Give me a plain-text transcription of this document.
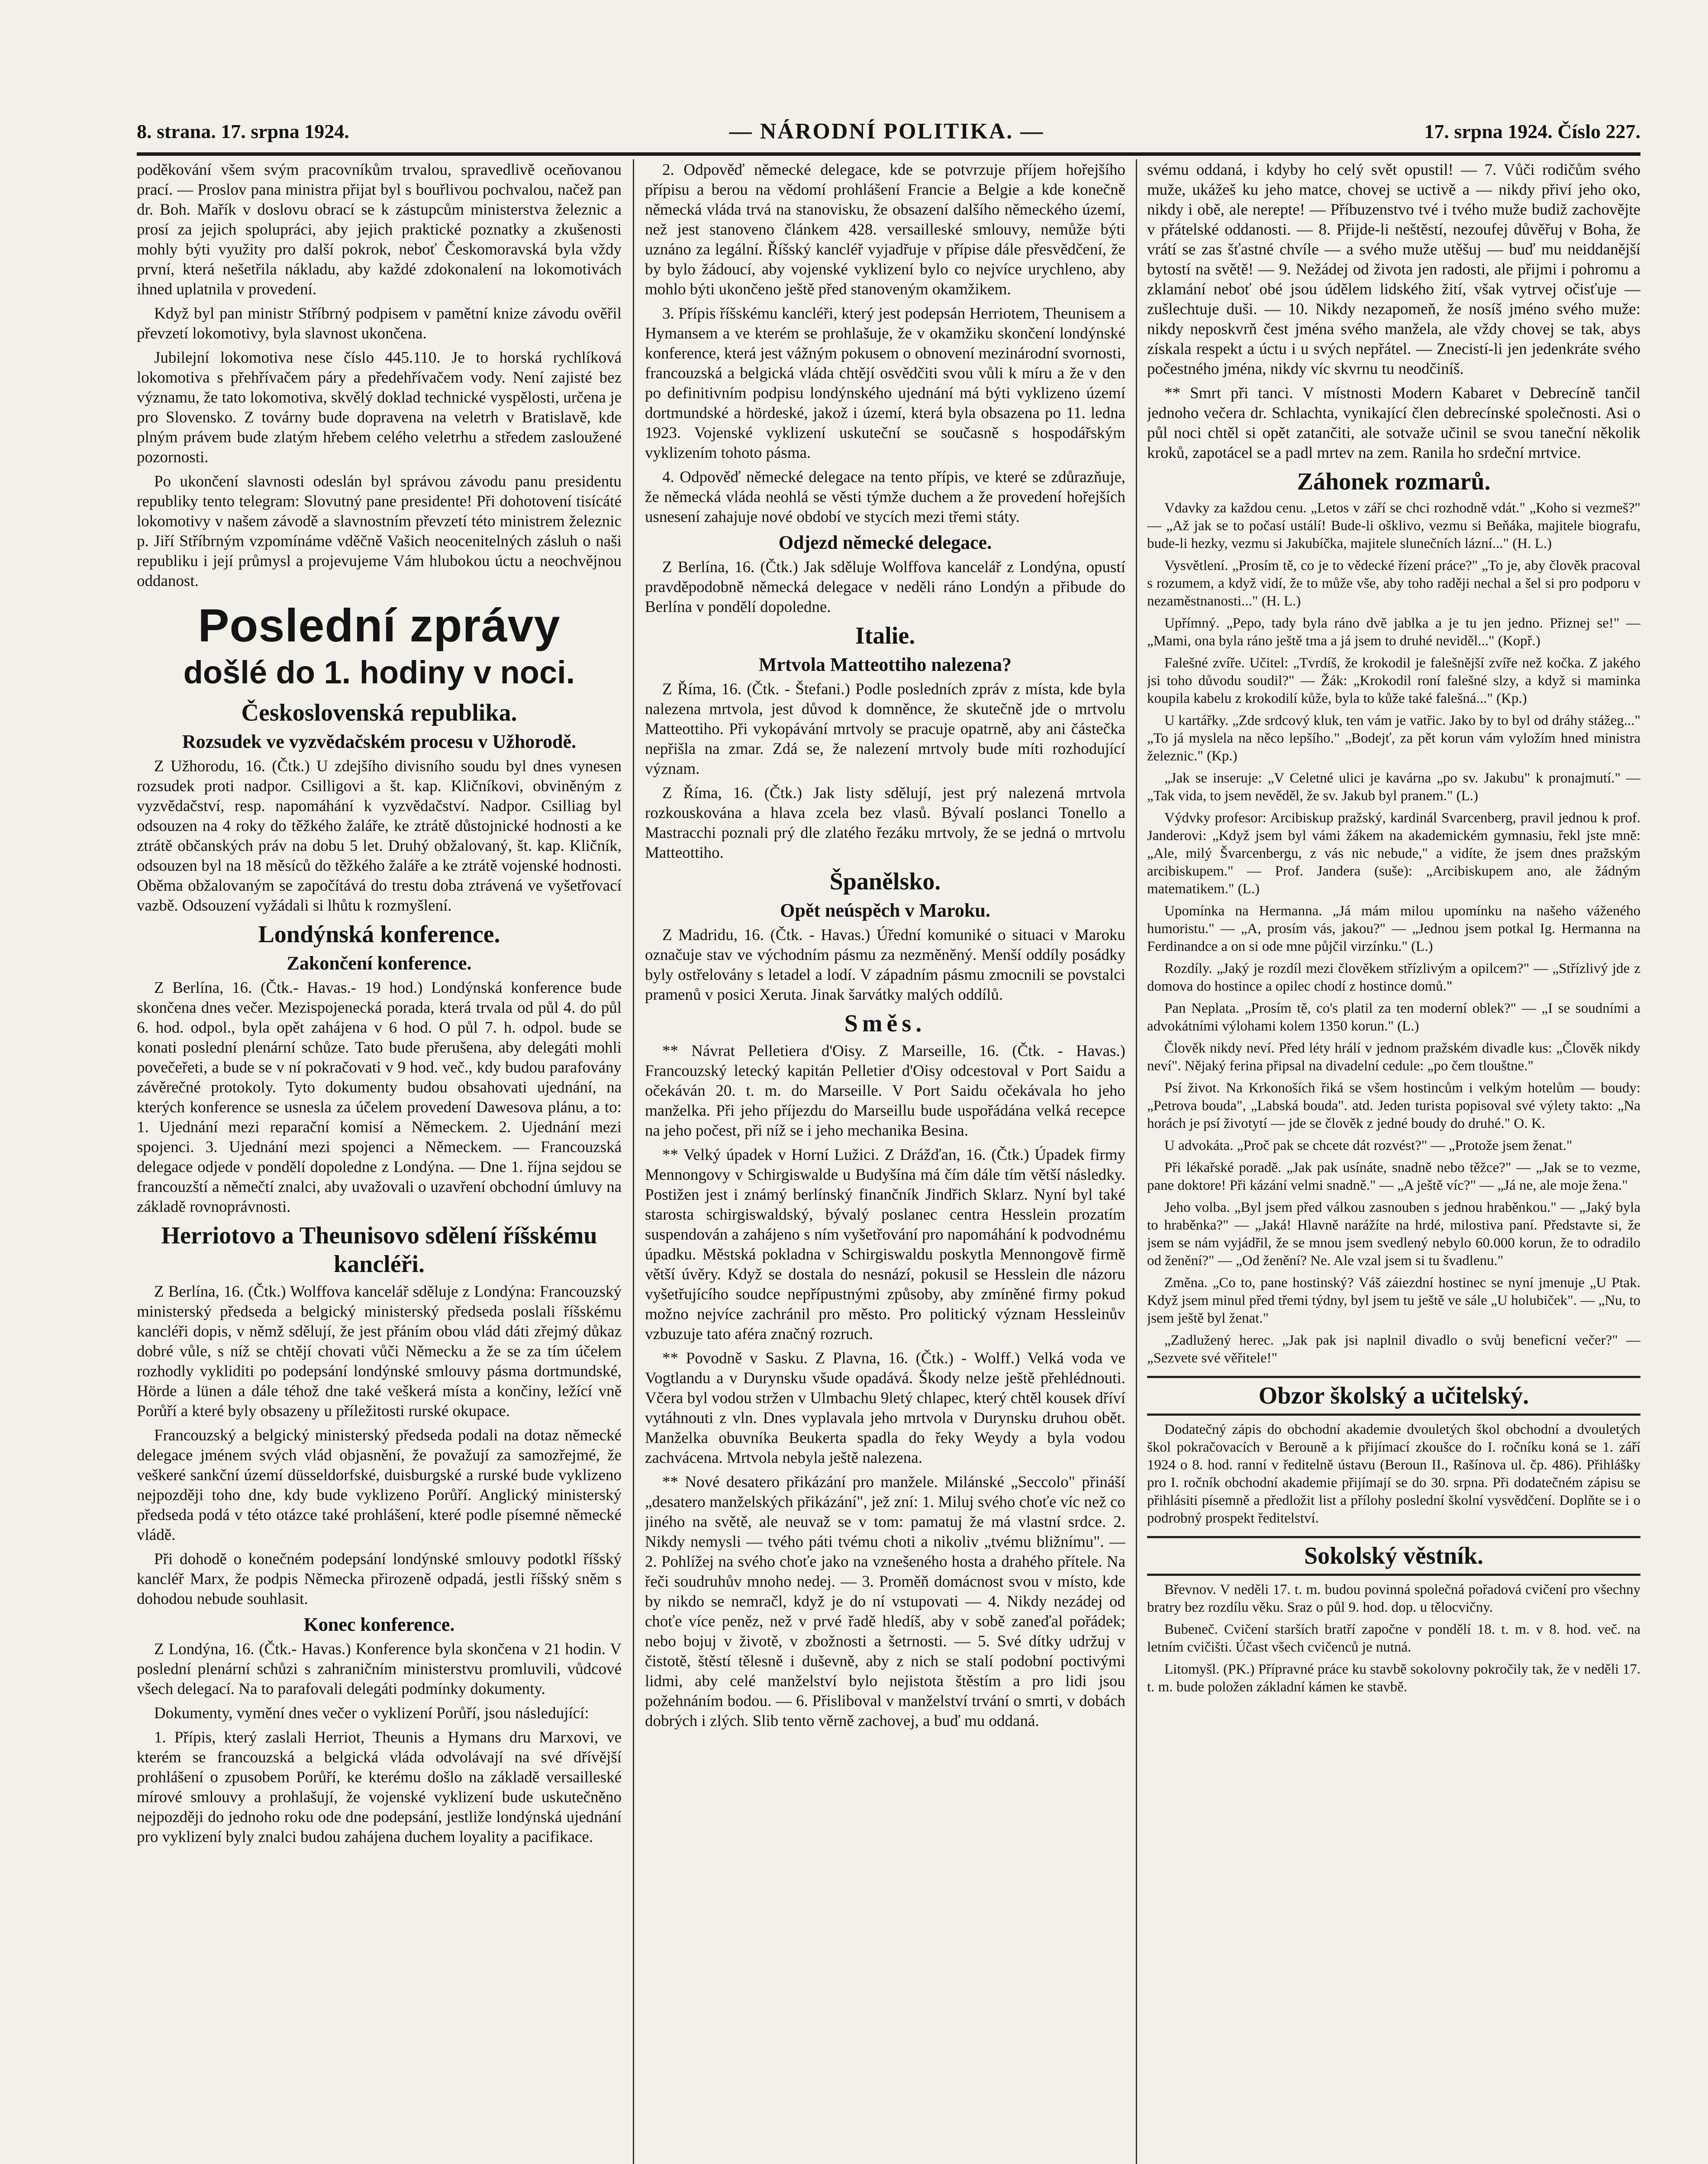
8. strana. 17. srpna 1924.	— NÁRODNÍ POLITIKA. —	17. srpna 1924. Číslo 227.

poděkování všem svým pracovníkům trvalou, spravedlivě oceňovanou prací. — Proslov pana ministra přijat byl s bouřlivou pochvalou, načež pan dr. Boh. Mařík v doslovu obrací se k zástupcům ministerstva železnic a prosí za jejich spolupráci, aby jejich praktické poznatky a zkušenosti mohly býti využity pro další pokrok, neboť Českomoravská byla vždy první, která nešetřila nákladu, aby každé zdokonalení na lokomotivách ihned uplatnila v provedení.

Když byl pan ministr Stříbrný podpisem v pamětní knize závodu ověřil převzetí lokomotivy, byla slavnost ukončena.

Jubilejní lokomotiva nese číslo 445.110. Je to horská rychlíková lokomotiva s přehřívačem páry a předehřívačem vody. Není zajisté bez významu, že tato lokomotiva, skvělý doklad technické vyspělosti, určena je pro Slovensko. Z továrny bude dopravena na veletrh v Bratislavě, kde plným právem bude zlatým hřebem celého veletrhu a středem zasloužené pozornosti.

Po ukončení slavnosti odeslán byl správou závodu panu presidentu republiky tento telegram: Slovutný pane presidente! Při dohotovení tisícáté lokomotivy v našem závodě a slavnostním převzetí této ministrem železnic p. Jiří Stříbrným vzpomínáme vděčně Vašich neocenitelných zásluh o naši republiku i její průmysl a projevujeme Vám hlubokou úctu a neochvějnou oddanost.

Poslední zprávy
došlé do 1. hodiny v noci.
Československá republika.
Rozsudek ve vyzvědačském procesu v Užhorodě.

Z Užhorodu, 16. (Čtk.) U zdejšího divisního soudu byl dnes vynesen rozsudek proti nadpor. Csilligovi a št. kap. Kličníkovi, obviněným z vyzvědačství, resp. napomáhání k vyzvědačství. Nadpor. Csilliag byl odsouzen na 4 roky do těžkého žaláře, ke ztrátě důstojnické hodnosti a ke ztrátě občanských práv na dobu 5 let. Druhý obžalovaný, št. kap. Kličník, odsouzen byl na 18 měsíců do těžkého žaláře a ke ztrátě vojenské hodnosti. Oběma obžalovaným se započítává do trestu doba ztrávená ve vyšetřovací vazbě. Odsouzení vyžádali si lhůtu k rozmyšlení.

Londýnská konference.
Zakončení konference.

Z Berlína, 16. (Čtk.- Havas.- 19 hod.) Londýnská konference bude skončena dnes večer. Mezispojenecká porada, která trvala od půl 4. do půl 6. hod. odpol., byla opět zahájena v 6 hod. O půl 7. h. odpol. bude se konati poslední plenární schůze. Tato bude přerušena, aby delegáti mohli povečeřeti, a bude se v ní pokračovati v 9 hod. več., kdy budou parafovány závěrečné protokoly. Tyto dokumenty budou obsahovati ujednání, na kterých konference se usnesla za účelem provedení Dawesova plánu, a to: 1. Ujednání mezi reparační komisí a Německem. 2. Ujednání mezi spojenci. 3. Ujednání mezi spojenci a Německem. — Francouzská delegace odjede v pondělí dopoledne z Londýna. — Dne 1. října sejdou se francouzští a němečtí znalci, aby uvažovali o uzavření obchodní úmluvy na základě rovnoprávnosti.

Herriotovo a Theunisovo sdělení říšskému kancléři.

Z Berlína, 16. (Čtk.) Wolffova kancelář sděluje z Londýna: Francouzský ministerský předseda a belgický ministerský předseda poslali říšskému kancléři dopis, v němž sdělují, že jest přáním obou vlád dáti zřejmý důkaz dobré vůle, s níž se chtějí chovati vůči Německu a že se za tím účelem rozhodly vykliditi po podepsání londýnské smlouvy pásma dortmundské, Hörde a lünen a dále téhož dne také veškerá místa a končiny, ležící vně Porůří a které byly obsazeny u příležitosti rurské okupace.

Francouzský a belgický ministerský předseda podali na dotaz německé delegace jménem svých vlád objasnění, že považují za samozřejmé, že veškeré sankční území düsseldorfské, duisburgské a rurské bude vyklizeno nejpozději toho dne, kdy bude vyklizeno Porůří. Anglický ministerský předseda podá v této otázce také prohlášení, které podle písemné německé vládě.

Při dohodě o konečném podepsání londýnské smlouvy podotkl říšský kancléř Marx, že podpis Německa přirozeně odpadá, jestli říšský sněm s dohodou nebude souhlasit.

Konec konference.

Z Londýna, 16. (Čtk.- Havas.) Konference byla skončena v 21 hodin. V poslední plenární schůzi s zahraničním ministerstvu promluvili, vůdcové všech delegací. Na to parafovali delegáti podmínky dokumenty.

Dokumenty, vymění dnes večer o vyklizení Porůří, jsou následující:

1. Přípis, který zaslali Herriot, Theunis a Hymans dru Marxovi, ve kterém se francouzská a belgická vláda odvolávají na své dřívější prohlášení o zpusobem Porůří, ke kterému došlo na základě versailleské mírové smlouvy a prohlašují, že vojenské vyklizení bude uskutečněno nejpozději do jednoho roku ode dne podepsání, jestliže londýnská ujednání pro vyklizení byly znalci budou zahájena duchem loyality a pacifikace.

2. Odpověď německé delegace, kde se potvrzuje příjem hořejšího přípisu a berou na vědomí prohlášení Francie a Belgie a kde konečně německá vláda trvá na stanovisku, že obsazení dalšího německého území, než jest stanoveno článkem 428. versailleské smlouvy, nemůže býti uznáno za legální. Říšský kancléř vyjadřuje v přípise dále přesvědčení, že by bylo žádoucí, aby vojenské vyklizení bylo co nejvíce urychleno, aby mohlo býti ukončeno ještě před stanoveným okamžikem.

3. Přípis říšskému kancléři, který jest podepsán Herriotem, Theunisem a Hymansem a ve kterém se prohlašuje, že v okamžiku skončení londýnské konference, která jest vážným pokusem o obnovení mezinárodní svornosti, francouzská a belgická vláda chtějí osvědčiti svou vůli k míru a že v den po definitivním podpisu londýnského ujednání má býti vyklizeno území dortmundské a hördeské, jakož i území, která byla obsazena po 11. ledna 1923. Vojenské vyklizení uskuteční se současně s hospodářským vyklizením tohoto pásma.

4. Odpověď německé delegace na tento přípis, ve které se zdůrazňuje, že německá vláda neohlá se věsti týmže duchem a že provedení hořejších usnesení zahajuje nové období ve stycích mezi třemi státy.

Odjezd německé delegace.

Z Berlína, 16. (Čtk.) Jak sděluje Wolffova kancelář z Londýna, opustí pravděpodobně německá delegace v neděli ráno Londýn a přibude do Berlína v pondělí dopoledne.

Italie.
Mrtvola Matteottiho nalezena?

Z Říma, 16. (Čtk. - Štefani.) Podle posledních zpráv z místa, kde byla nalezena mrtvola, jest důvod k domněnce, že skutečně jde o mrtvolu Matteottiho. Při vykopávání mrtvoly se pracuje opatrně, aby ani částečka nepřišla na zmar. Zdá se, že nalezení mrtvoly bude míti rozhodující význam.

Z Říma, 16. (Čtk.) Jak listy sdělují, jest prý nalezená mrtvola rozkouskována a hlava zcela bez vlasů. Bývalí poslanci Tonello a Mastracchi poznali prý dle zlatého řezáku mrtvoly, že se jedná o mrtvolu Matteottiho.

Španělsko.
Opět neúspěch v Maroku.

Z Madridu, 16. (Čtk. - Havas.) Úřední komuniké o situaci v Maroku označuje stav ve východním pásmu za nezměněný. Menší oddíly posádky byly ostřelovány s letadel a lodí. V západním pásmu zmocnili se povstalci pramenů v posici Xeruta. Jinak šarvátky malých oddílů.

Směs.

** Návrat Pelletiera d'Oisy. Z Marseille, 16. (Čtk. - Havas.) Francouzský letecký kapitán Pelletier d'Oisy odcestoval v Port Saidu a očekáván 20. t. m. do Marseille. V Port Saidu očekávala ho jeho manželka. Při jeho příjezdu do Marseillu bude uspořádána velká recepce na jeho počest, při níž se i jeho mechanika Besina.

** Velký úpadek v Horní Lužici. Z Drážďan, 16. (Čtk.) Úpadek firmy Mennongovy v Schirgiswalde u Budyšína má čím dále tím větší následky. Postižen jest i známý berlínský finančník Jindřich Sklarz. Nyní byl také starosta schirgiswaldský, bývalý poslanec centra Hesslein prozatím suspendován a zahájeno s ním vyšetřování pro napomáhání k podvodnému úpadku. Městská pokladna v Schirgiswaldu poskytla Mennongově firmě větší úvěry. Když se dostala do nesnází, pokusil se Hesslein dle názoru vyšetřujícího soudce nepřípustnými způsoby, aby zmíněné firmy pokud možno nejvíce zachránil pro město. Pro politický význam Hessleinův vzbuzuje tato aféra značný rozruch.

** Povodně v Sasku. Z Plavna, 16. (Čtk.) - Wolff.) Velká voda ve Vogtlandu a v Durynsku všude opadává. Škody nelze ještě přehlédnouti. Včera byl vodou stržen v Ulmbachu 9letý chlapec, který chtěl kousek dříví vytáhnouti z vln. Dnes vyplavala jeho mrtvola v Durynsku druhou obět. Manželka obuvníka Beukerta spadla do řeky Weydy a byla vodou zachvácena. Mrtvola nebyla ještě nalezena.

** Nové desatero přikázání pro manžele. Milánské „Seccolo" přináší „desatero manželských přikázání", jež zní: 1. Miluj svého choťe víc než co jiného na světě, ale neuvaž se v tom: pamatuj že má vlastní srdce. 2. Nikdy nemysli — tvého páti tvému choti a nikoliv „tvému bližnímu". — 2. Pohlížej na svého choťe jako na vznešeného hosta a drahého přítele. Na řeči soudruhův mnoho nedej. — 3. Proměň domácnost svou v místo, kde by nikdo se nemračl, když je do ní vstupovati — 4. Nikdy nezádej od choťe více peněz, než v prvé řadě hledíš, aby v sobě zaneďal pořádek; nebo bojuj v životě, v zbožnosti a šetrnosti. — 5. Své dítky udržuj v čistotě, štěstí tělesně i duševně, aby z nich se stalí podobní poctivými lidmi, aby celé manželství bylo nejistota štěstím a pro lidi jsou požehnáním bodou. — 6. Přisliboval v manželství trvání o smrti, v dobách dobrých i zlých. Slib tento věrně zachovej, a buď mu oddaná.

svému oddaná, i kdyby ho celý svět opustil! — 7. Vůči rodičům svého muže, ukážeš ku jeho matce, chovej se uctivě a — nikdy přiví jeho oko, nikdy i obě, ale nerepte! — Příbuzenstvo tvé i tvého muže budiž zachovějte v přátelské oddanosti. — 8. Přijde-li neštěstí, nezoufej důvěřuj v Boha, že vrátí se zas šťastné chvíle — a svého muže utěšuj — buď mu neiddanější bytostí na světě! — 9. Nežádej od života jen radosti, ale přijmi i pohromu a zklamání neboť obé jsou údělem lidského žití, však vytrvej očisťuje — zušlechtuje duši. — 10. Nikdy nezapomeň, že nosíš jméno svého muže: nikdy neposkvrň čest jména svého manžela, ale vždy chovej se tak, abys získala respekt a úctu i u svých nepřátel. — Znecistí-li jen jedenkráte svého počestného jména, nikdy víc skvrnu tu neodčiníš.

** Smrt při tanci. V místnosti Modern Kabaret v Debrecíně tančil jednoho večera dr. Schlachta, vynikající člen debrecínské společnosti. Asi o půl noci chtěl si opět zatančiti, ale sotvaže učinil se svou taneční několik kroků, zapotácel se a padl mrtev na zem. Ranila ho srdeční mrtvice.

Záhonek rozmarů.

Vdavky za každou cenu. „Letos v září se chci rozhodně vdát." „Koho si vezmeš?" — „Až jak se to počasí ustálí! Bude-li ošklivo, vezmu si Beňáka, majitele biografu, bude-li hezky, vezmu si Jakubíčka, majitele slunečních lázní..." (H. L.)

Vysvětlení. „Prosím tě, co je to vědecké řízení práce?" „To je, aby člověk pracoval s rozumem, a když vidí, že to může vše, aby toho raději nechal a šel si pro podporu v nezaměstnanosti..." (H. L.)

Upřímný. „Pepo, tady byla ráno dvě jablka a je tu jen jedno. Přiznej se!" — „Mami, ona byla ráno ještě tma a já jsem to druhé neviděl..." (Kopř.)

Falešné zvíře. Učitel: „Tvrdíš, že krokodil je falešnější zvíře než kočka. Z jakého jsi toho důvodu soudil?" — Žák: „Krokodil roní falešné slzy, a když si maminka koupila kabelu z krokodilí kůže, byla to kůže také falešná..." (Kp.)

U kartářky. „Zde srdcový kluk, ten vám je vatřic. Jako by to byl od dráhy stážeg..." „To já myslela na něco lepšího." „Bodejť, za pět korun vám vyložím hned ministra železnic." (Kp.)

„Jak se inseruje: „V Celetné ulici je kavárna „po sv. Jakubu" k pronajmutí." — „Tak vida, to jsem nevěděl, že sv. Jakub byl pranem." (L.)

Výdvky profesor: Arcibiskup pražský, kardinál Svarcenberg, pravil jednou k prof. Janderovi: „Když jsem byl vámi žákem na akademickém gymnasiu, řekl jste mně: „Ale, milý Švarcenbergu, z vás nic nebude," a vidíte, že jsem dnes pražským arcibiskupem." — Prof. Jandera (suše): „Arcibiskupem ano, ale žádným matematikem." (L.)

Upomínka na Hermanna. „Já mám milou upomínku na našeho váženého humoristu." — „A, prosím vás, jakou?" — „Jednou jsem potkal Ig. Hermanna na Ferdinandce a on si ode mne půjčil virzínku." (L.)

Rozdíly. „Jaký je rozdíl mezi člověkem střízlivým a opilcem?" — „Střízlivý jde z domova do hostince a opilec chodí z hostince domů."

Pan Neplata. „Prosím tě, co's platil za ten moderní oblek?" — „I se soudními a advokátními výlohami kolem 1350 korun." (L.)

Člověk nikdy neví. Před léty hrálí v jednom pražském divadle kus: „Člověk nikdy neví". Nějaký ferina připsal na divadelní cedule: „po čem tlouštne."

Psí život. Na Krkonoších řiká se všem hostincům i velkým hotelům — boudy: „Petrova bouda", „Labská bouda". atd. Jeden turista popisoval své výlety takto: „Na horách je psí životytí — jde se člověk z jedné boudy do druhé." O. K.

U advokáta. „Proč pak se chcete dát rozvést?" — „Protože jsem ženat."

Při lékařské poradě. „Jak pak usínáte, snadně nebo těžce?" — „Jak se to vezme, pane doktore! Při kázání velmi snadně." — „A ještě víc?" — „Já ne, ale moje žena."

Jeho volba. „Byl jsem před válkou zasnouben s jednou hraběnkou." — „Jaký byla to hraběnka?" — „Jaká! Hlavně narážíte na hrdé, milostiva paní. Představte si, že jsem se nám vyjádřil, že se mnou jsem svedlený nebylo 60.000 korun, že to odradilo od ženění?" — „Od ženění? Ne. Ale vzal jsem si tu švadlenu."

Změna. „Co to, pane hostinský? Váš záiezdní hostinec se nyní jmenuje „U Ptak. Když jsem minul před třemi týdny, byl jsem tu ještě ve sále „U holubiček". — „Nu, to jsem ještě byl ženat."

„Zadlužený herec. „Jak pak jsi naplnil divadlo o svůj beneficní večer?" — „Sezvete své věřitele!"

Obzor školský a učitelský.

Dodatečný zápis do obchodní akademie dvouletých škol obchodní a dvouletých škol pokračovacích v Berouně a k přijímací zkoušce do I. ročníku koná se 1. září 1924 o 8. hod. ranní v ředitelně ústavu (Beroun II., Rašínova ul. čp. 486). Přihlášky pro I. ročník obchodní akademie přijímají se do 30. srpna. Při dodatečném zápisu se přihlásiti písemně a předložit list a přílohy poslední školní vysvědčení. Doplňte se i o podrobný prospekt ředitelství.

Sokolský věstník.

Břevnov. V neděli 17. t. m. budou povinná společná pořadová cvičení pro všechny bratry bez rozdílu věku. Sraz o půl 9. hod. dop. u tělocvičny.

Bubeneč. Cvičení starších bratří započne v pondělí 18. t. m. v 8. hod. več. na letním cvičišti. Účast všech cvičenců je nutná.

Litomyšl. (PK.) Přípravné práce ku stavbě sokolovny pokročily tak, že v neděli 17. t. m. bude položen základní kámen ke stavbě.
